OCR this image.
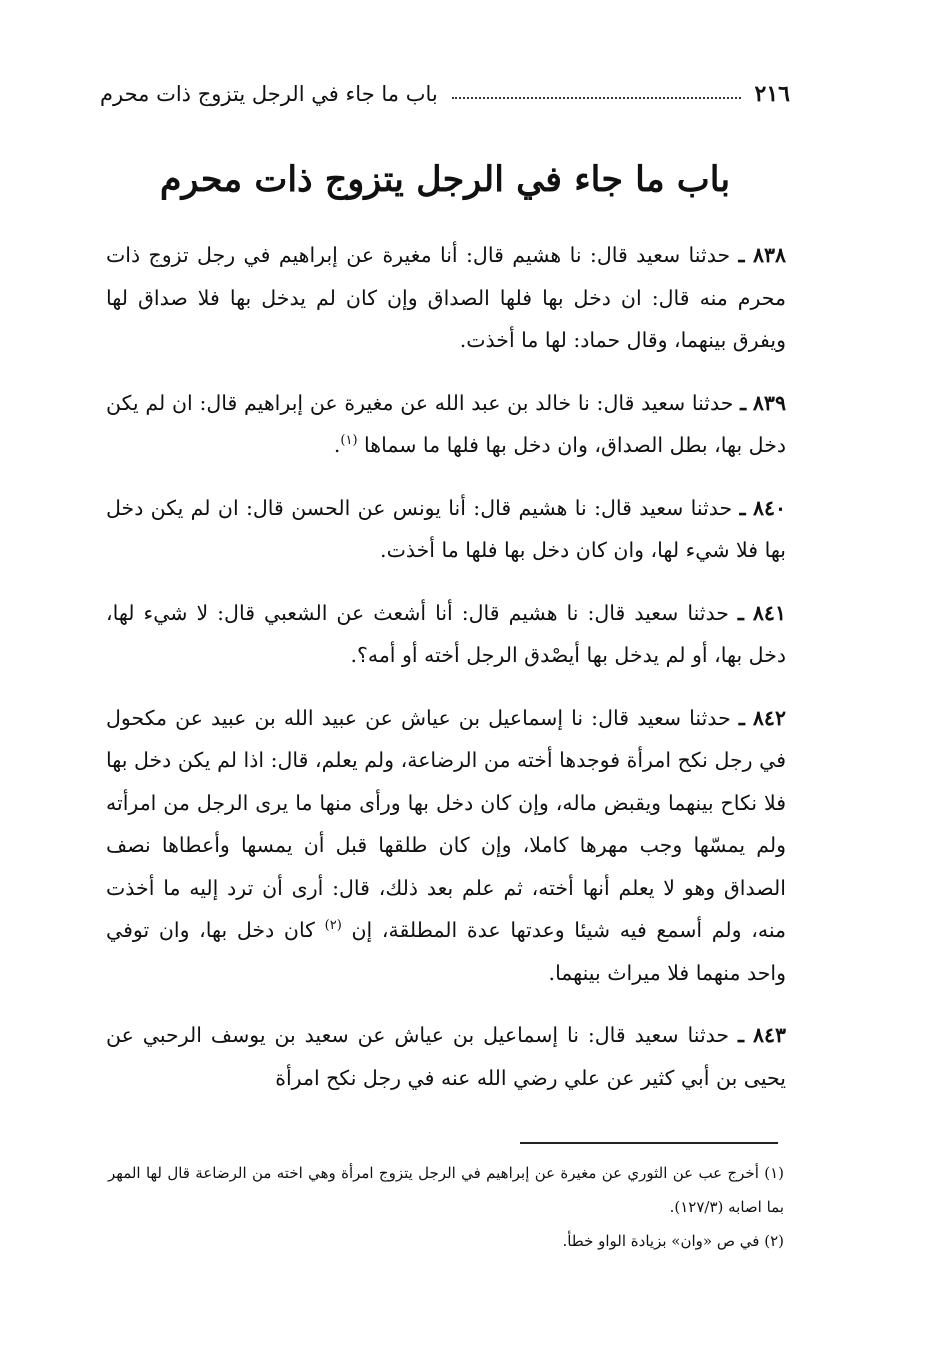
٢١٦
باب ما جاء في الرجل يتزوج ذات محرم
باب ما جاء في الرجل يتزوج ذات محرم

٨٣٨ ـ حدثنا سعيد قال: نا هشيم قال: أنا مغيرة عن إبراهيم في رجل تزوج ذات محرم منه قال: ان دخل بها فلها الصداق وإن كان لم يدخل بها فلا صداق لها ويفرق بينهما، وقال حماد: لها ما أخذت.

٨٣٩ ـ حدثنا سعيد قال: نا خالد بن عبد الله عن مغيرة عن إبراهيم قال: ان لم يكن دخل بها، بطل الصداق، وان دخل بها فلها ما سماها $^{(١)}$.

٨٤٠ ـ حدثنا سعيد قال: نا هشيم قال: أنا يونس عن الحسن قال: ان لم يكن دخل بها فلا شيء لها، وان كان دخل بها فلها ما أخذت.

٨٤١ ـ حدثنا سعيد قال: نا هشيم قال: أنا أشعث عن الشعبي قال: لا شيء لها، دخل بها، أو لم يدخل بها أيصْدق الرجل أخته أو أمه؟.

٨٤٢ ـ حدثنا سعيد قال: نا إسماعيل بن عياش عن عبيد الله بن عبيد عن مكحول في رجل نكح امرأة فوجدها أخته من الرضاعة، ولم يعلم، قال: اذا لم يكن دخل بها فلا نكاح بينهما ويقبض ماله، وإن كان دخل بها ورأى منها ما يرى الرجل من امرأته ولم يمسّها وجب مهرها كاملا، وإن كان طلقها قبل أن يمسها وأعطاها نصف الصداق وهو لا يعلم أنها أخته، ثم علم بعد ذلك، قال: أرى أن ترد إليه ما أخذت منه، ولم أسمع فيه شيئا وعدتها عدة المطلقة، إن $^{(٢)}$ كان دخل بها، وان توفي واحد منهما فلا ميراث بينهما.

٨٤٣ ـ حدثنا سعيد قال: نا إسماعيل بن عياش عن سعيد بن يوسف الرحبي عن يحيى بن أبي كثير عن علي رضي الله عنه في رجل نكح امرأة

(١) أخرج عب عن الثوري عن مغيرة عن إبراهيم في الرجل يتزوج امرأة وهي اخته من الرضاعة قال لها المهر بما اصابه (١٢٧/٣).

(٢) في ص «وان» بزيادة الواو خطأ.
